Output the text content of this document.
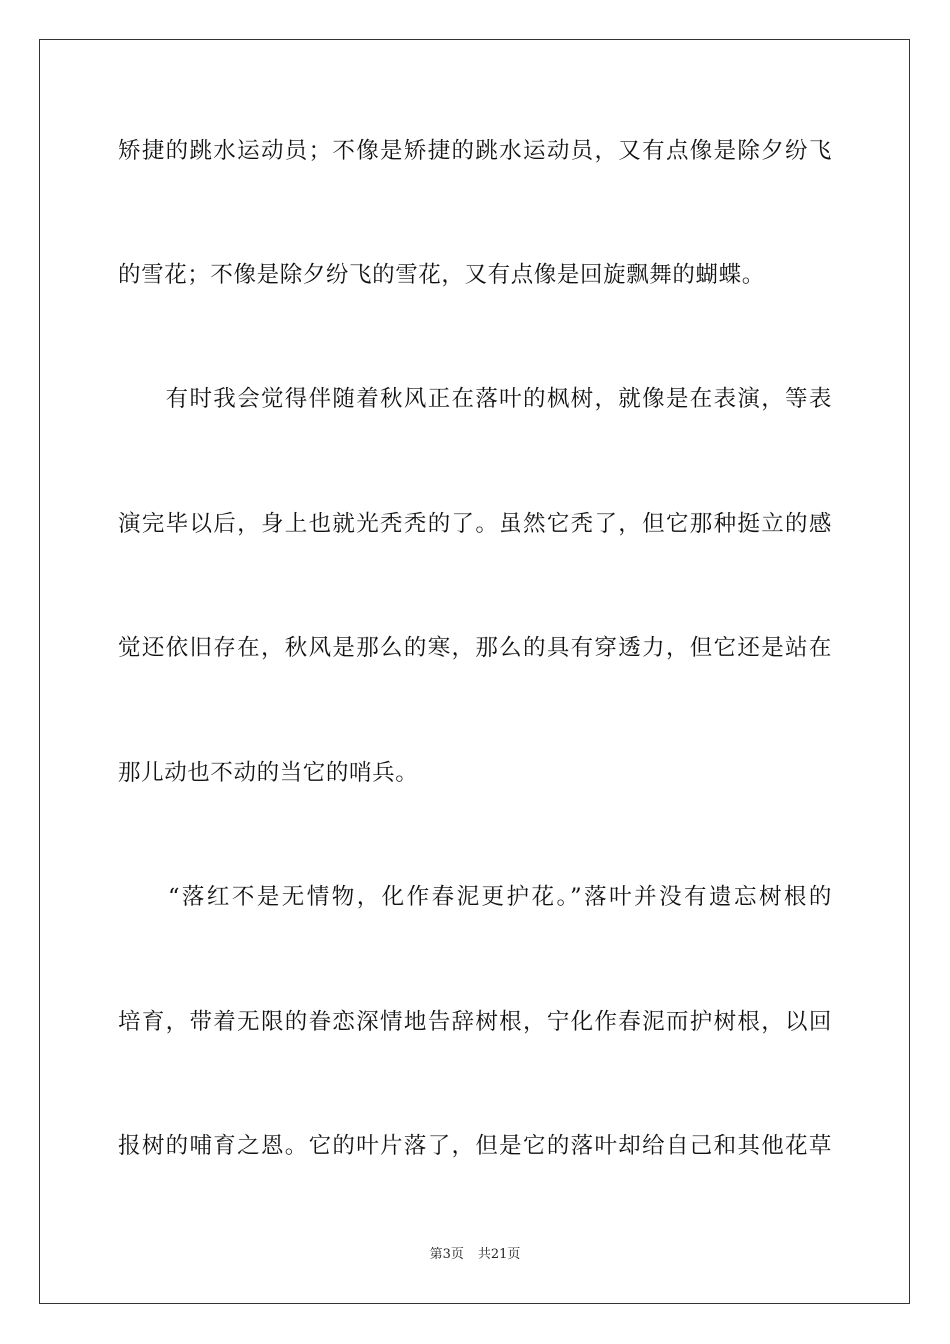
矫捷的跳水运动员；不像是矫捷的跳水运动员，又有点像是除夕纷飞
的雪花；不像是除夕纷飞的雪花，又有点像是回旋飘舞的蝴蝶。
　　有时我会觉得伴随着秋风正在落叶的枫树，就像是在表演，等表
演完毕以后，身上也就光秃秃的了。虽然它秃了，但它那种挺立的感
觉还依旧存在，秋风是那么的寒，那么的具有穿透力，但它还是站在
那儿动也不动的当它的哨兵。
　　“落红不是无情物，化作春泥更护花。”落叶并没有遗忘树根的
培育，带着无限的眷恋深情地告辞树根，宁化作春泥而护树根，以回
报树的哺育之恩。它的叶片落了，但是它的落叶却给自己和其他花草
第3页 共21页
